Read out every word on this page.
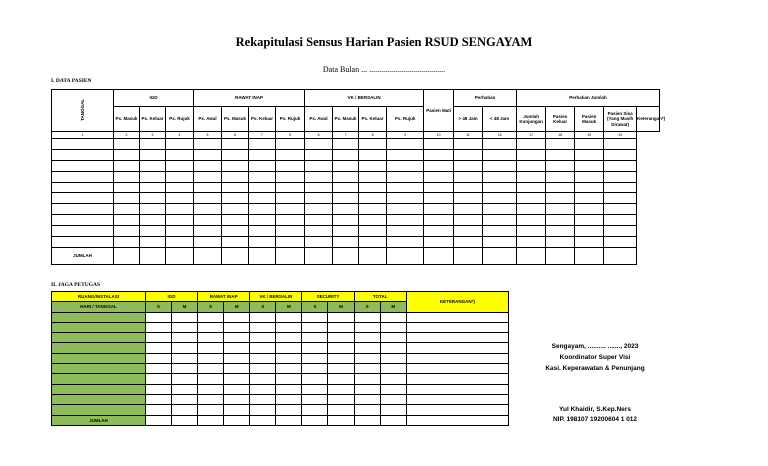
Rekapitulasi Sensus Harian Pasien RSUD SENGAYAM
Data Bulan ... ......................................
I. DATA PASIEN
TANGGAL	IGD			RAWAT INAP				VK / BERSALIN				Pasien Mati	Perhatian		Perhatian Jumlah				
	Px. Masuk	Px. Keluar	Px. Rujuk	Px. Awal	Px. Masuk	Px. Keluar	Px. Rujuk	Px. Awal	Px. Masuk	Px. Keluar	Px. Rujuk		> 48 Jam	< 48 Jam	Jumlah Kunjungan	Pasien Keluar	Pasien Masuk	Pasien Sisa (Yang Masih Dirawat)	Keterangan*)
1	2	3	4	5	6	7	5	6	7	8	9	10	11	16	17	18	19	19	

JUMLAH																			
II. JAGA PETUGAS
RUANG/INSTALASI	IGD		RAWAT INAP		VK / BERSALIN		SECURITY		TOTAL		KETERANGAN*)
HARI / TANGGAL	S	M	S	M	S	M	S	M	S	M	

JUMLAH											
Sengayam, .......... ......., 2023
Koordinator Super Visi
Kasi. Keperawatan & Penunjang
Yul Khaidir, S.Kep.Ners
NIP. 198107 19200604 1 012
